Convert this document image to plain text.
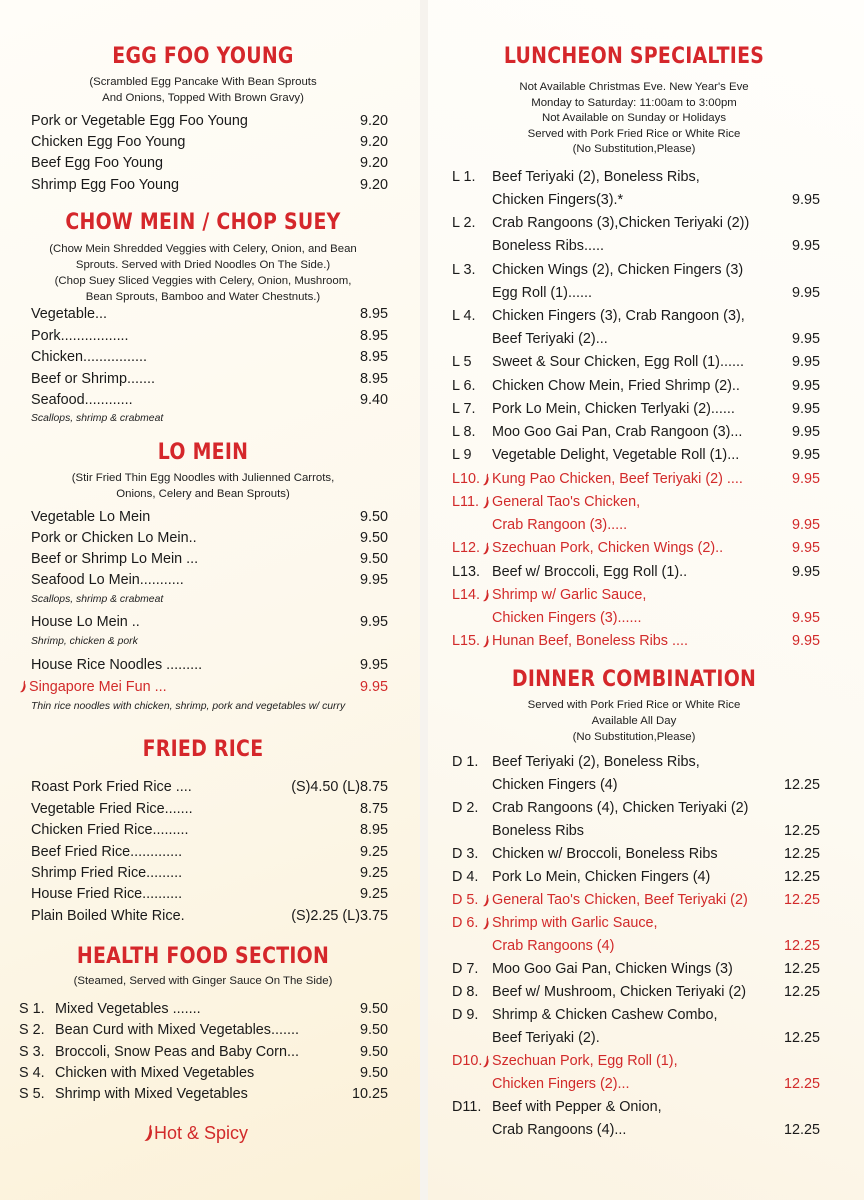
EGG FOO YOUNG
(Scrambled Egg Pancake With Bean Sprouts
And Onions, Topped With Brown Gravy)
Pork or Vegetable Egg Foo Young	9.20
Chicken Egg Foo Young	9.20
Beef Egg Foo Young	9.20
Shrimp Egg Foo Young	9.20
CHOW MEIN / CHOP SUEY
(Chow Mein Shredded Veggies with Celery, Onion, and Bean
Sprouts. Served with Dried Noodles On The Side.)
(Chop Suey Sliced Veggies with Celery, Onion, Mushroom,
Bean Sprouts, Bamboo and Water Chestnuts.)
Vegetable...	8.95
Pork.................	8.95
Chicken................	8.95
Beef or Shrimp.......	8.95
Seafood............	9.40
Scallops, shrimp & crabmeat
LO MEIN
(Stir Fried Thin Egg Noodles with Julienned Carrots,
Onions, Celery and Bean Sprouts)
Vegetable Lo Mein	9.50
Pork or Chicken Lo Mein..	9.50
Beef or Shrimp Lo Mein ...	9.50
Seafood Lo Mein...........	9.95
Scallops, shrimp & crabmeat
House Lo Mein ..	9.95
Shrimp, chicken & pork
House Rice Noodles .........	9.95
Singapore Mei Fun ...	9.95
Thin rice noodles with chicken, shrimp, pork and vegetables w/ curry
FRIED RICE
Roast Pork Fried Rice ....	(S)4.50 (L)8.75
Vegetable Fried Rice.......	8.75
Chicken Fried Rice.........	8.95
Beef Fried Rice.............	9.25
Shrimp Fried Rice.........	9.25
House Fried Rice..........	9.25
Plain Boiled White Rice.	(S)2.25 (L)3.75
HEALTH FOOD SECTION
(Steamed, Served with Ginger Sauce On The Side)
S 1. Mixed Vegetables .......	9.50
S 2. Bean Curd with Mixed Vegetables.......	9.50
S 3. Broccoli, Snow Peas and Baby Corn...	9.50
S 4. Chicken with Mixed Vegetables	9.50
S 5. Shrimp with Mixed Vegetables	10.25
Hot & Spicy
LUNCHEON SPECIALTIES
Not Available Christmas Eve. New Year's Eve
Monday to Saturday: 11:00am to 3:00pm
Not Available on Sunday or Holidays
Served with Pork Fried Rice or White Rice
(No Substitution,Please)
L 1. Beef Teriyaki (2), Boneless Ribs,
Chicken Fingers(3).*	9.95
L 2. Crab Rangoons (3),Chicken Teriyaki (2))
Boneless Ribs.....	9.95
L 3. Chicken Wings (2), Chicken Fingers (3)
Egg Roll (1)......	9.95
L 4. Chicken Fingers (3), Crab Rangoon (3),
Beef Teriyaki (2)...	9.95
L 5 Sweet & Sour Chicken, Egg Roll (1)......	9.95
L 6. Chicken Chow Mein, Fried Shrimp (2)..	9.95
L 7. Pork Lo Mein, Chicken Terlyaki (2)......	9.95
L 8. Moo Goo Gai Pan, Crab Rangoon (3)...	9.95
L 9 Vegetable Delight, Vegetable Roll (1)...	9.95
L10. Kung Pao Chicken, Beef Teriyaki (2) ....	9.95
L11. General Tao's Chicken,
Crab Rangoon (3).....	9.95
L12. Szechuan Pork, Chicken Wings (2)..	9.95
L13. Beef w/ Broccoli, Egg Roll (1)..	9.95
L14. Shrimp w/ Garlic Sauce,
Chicken Fingers (3)......	9.95
L15. Hunan Beef, Boneless Ribs ....	9.95
DINNER COMBINATION
Served with Pork Fried Rice or White Rice
Available All Day
(No Substitution,Please)
D 1. Beef Teriyaki (2), Boneless Ribs,
Chicken Fingers (4)	12.25
D 2. Crab Rangoons (4), Chicken Teriyaki (2)
Boneless Ribs	12.25
D 3. Chicken w/ Broccoli, Boneless Ribs	12.25
D 4. Pork Lo Mein, Chicken Fingers (4)	12.25
D 5. General Tao's Chicken, Beef Teriyaki (2)	12.25
D 6. Shrimp with Garlic Sauce,
Crab Rangoons (4)	12.25
D 7. Moo Goo Gai Pan, Chicken Wings (3)	12.25
D 8. Beef w/ Mushroom, Chicken Teriyaki (2)	12.25
D 9. Shrimp & Chicken Cashew Combo,
Beef Teriyaki (2).	12.25
D10. Szechuan Pork, Egg Roll (1),
Chicken Fingers (2)...	12.25
D11. Beef with Pepper & Onion,
Crab Rangoons (4)...	12.25
